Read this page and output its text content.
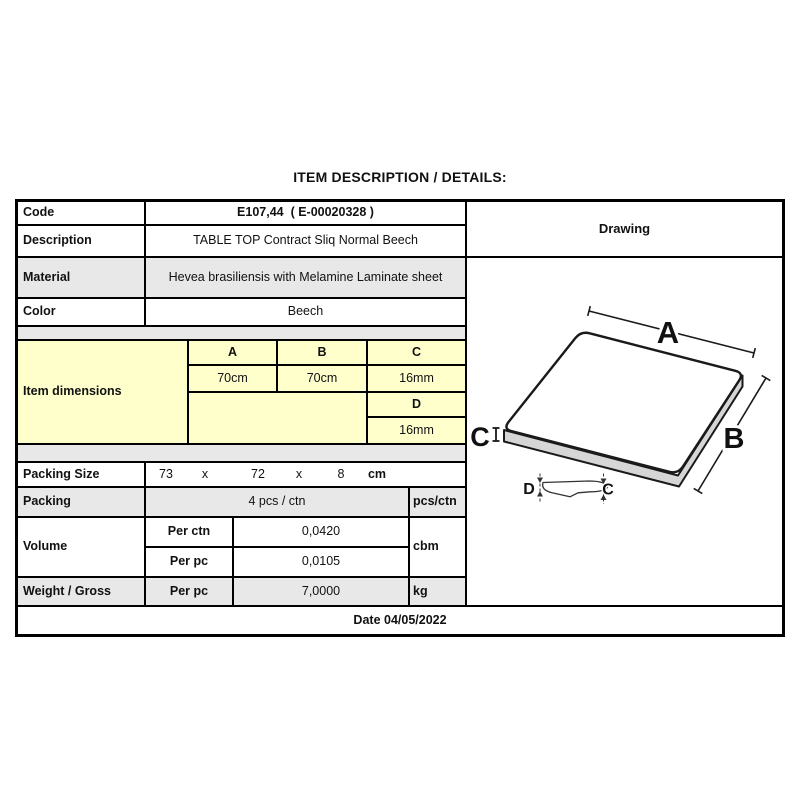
ITEM DESCRIPTION / DETAILS:
Code	E107,44  ( E-00020328 )
Description	TABLE TOP Contract Sliq Normal Beech
Material	Hevea brasiliensis with Melamine Laminate sheet
Color	Beech
Item dimensions
A	B	C
70cm	70cm	16mm
D
16mm
Packing Size	73 x	72 x	8 cm
Packing	4 pcs / ctn	pcs/ctn
Volume
Per ctn	0,0420
Per pc	0,0105
cbm
Weight / Gross	Per pc	7,0000	kg
Date 04/05/2022
Drawing
A
B
C
D	C
